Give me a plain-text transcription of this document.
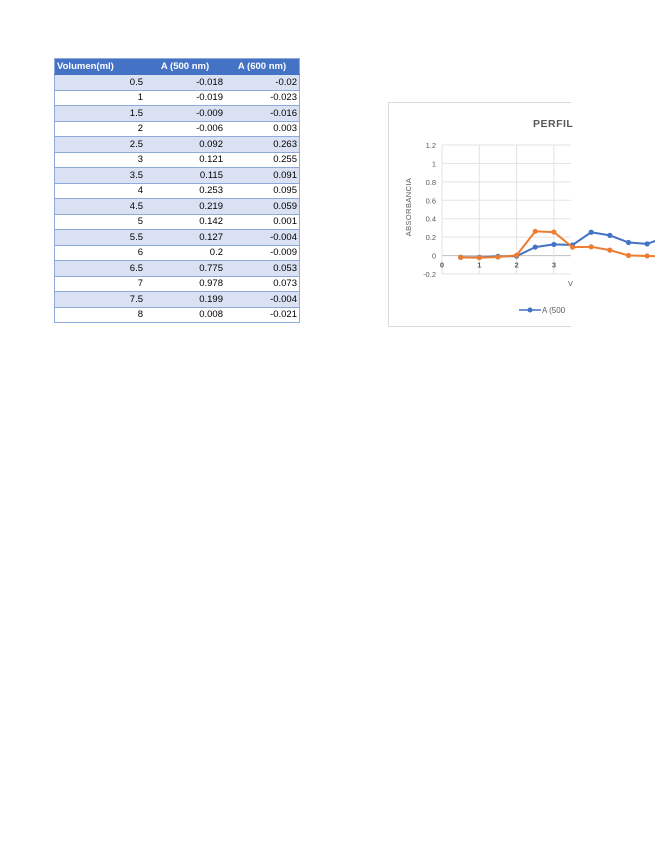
Volumen(ml)	A (500 nm)	A (600 nm)
0.5	-0.018	-0.02
1	-0.019	-0.023
1.5	-0.009	-0.016
2	-0.006	0.003
2.5	0.092	0.263
3	0.121	0.255
3.5	0.115	0.091
4	0.253	0.095
4.5	0.219	0.059
5	0.142	0.001
5.5	0.127	-0.004
6	0.2	-0.009
6.5	0.775	0.053
7	0.978	0.073
7.5	0.199	-0.004
8	0.008	-0.021
PERFIL
ABSORBANCIA
V
1.2
1
0.8
0.6
0.4
0.2
0
-0.2
0	1	2	3
A (500
